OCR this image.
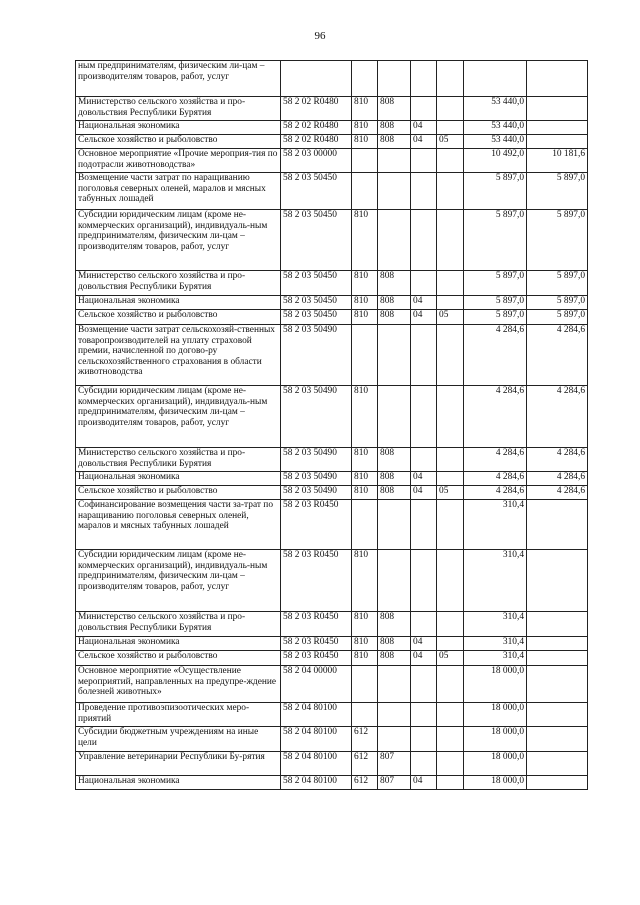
96
ным предпринимателям, физическим ли-цам – производителям товаров, работ, услуг							
Министерство сельского хозяйства и про-довольствия Республики Бурятия	58 2 02 R0480	810	808			53 440,0	
Национальная экономика	58 2 02 R0480	810	808	04		53 440,0	
Сельское хозяйство и рыболовство	58 2 02 R0480	810	808	04	05	53 440,0	
Основное мероприятие «Прочие мероприя-тия по подотрасли животноводства»	58 2 03 00000					10 492,0	10 181,6
Возмещение части затрат по наращиванию поголовья северных оленей, маралов и мясных табунных лошадей	58 2 03 50450					5 897,0	5 897,0
Субсидии юридическим лицам (кроме не-коммерческих организаций), индивидуаль-ным предпринимателям, физическим ли-цам – производителям товаров, работ, услуг	58 2 03 50450	810				5 897,0	5 897,0
Министерство сельского хозяйства и про-довольствия Республики Бурятия	58 2 03 50450	810	808			5 897,0	5 897,0
Национальная экономика	58 2 03 50450	810	808	04		5 897,0	5 897,0
Сельское хозяйство и рыболовство	58 2 03 50450	810	808	04	05	5 897,0	5 897,0
Возмещение части затрат сельскохозяй-ственных товаропроизводителей на уплату страховой премии, начисленной по догово-ру сельскохозяйственного страхования в области животноводства	58 2 03 50490					4 284,6	4 284,6
Субсидии юридическим лицам (кроме не-коммерческих организаций), индивидуаль-ным предпринимателям, физическим ли-цам – производителям товаров, работ, услуг	58 2 03 50490	810				4 284,6	4 284,6
Министерство сельского хозяйства и про-довольствия Республики Бурятия	58 2 03 50490	810	808			4 284,6	4 284,6
Национальная экономика	58 2 03 50490	810	808	04		4 284,6	4 284,6
Сельское хозяйство и рыболовство	58 2 03 50490	810	808	04	05	4 284,6	4 284,6
Софинансирование возмещения части за-трат по наращиванию поголовья северных оленей, маралов и мясных табунных лошадей	58 2 03 R0450					310,4	
Субсидии юридическим лицам (кроме не-коммерческих организаций), индивидуаль-ным предпринимателям, физическим ли-цам – производителям товаров, работ, услуг	58 2 03 R0450	810				310,4	
Министерство сельского хозяйства и про-довольствия Республики Бурятия	58 2 03 R0450	810	808			310,4	
Национальная экономика	58 2 03 R0450	810	808	04		310,4	
Сельское хозяйство и рыболовство	58 2 03 R0450	810	808	04	05	310,4	
Основное мероприятие «Осуществление мероприятий, направленных на предупре-ждение болезней животных»	58 2 04 00000					18 000,0	
Проведение противоэпизоотических меро-приятий	58 2 04 80100					18 000,0	
Субсидии бюджетным учреждениям на иные цели	58 2 04 80100	612				18 000,0	
Управление ветеринарии Республики Бу-рятия	58 2 04 80100	612	807			18 000,0	
Национальная экономика	58 2 04 80100	612	807	04		18 000,0	
